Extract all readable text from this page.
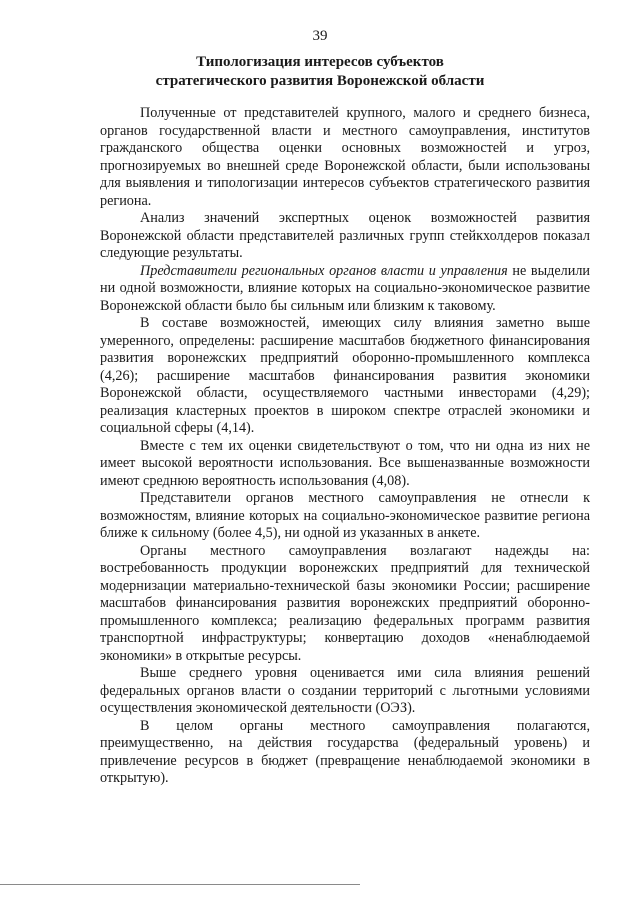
39
Типологизация интересов субъектов
стратегического развития Воронежской области

Полученные от представителей крупного, малого и среднего бизнеса, органов государственной власти и местного самоуправления, институтов гражданского общества оценки основных возможностей и угроз, прогнозируемых во внешней среде Воронежской области, были использованы для выявления и типологизации интересов субъектов стратегического развития региона.

Анализ значений экспертных оценок возможностей развития Воронежской области представителей различных групп стейкхолдеров показал следующие результаты.

Представители региональных органов власти и управления не выделили ни одной возможности, влияние которых на социально-экономическое развитие Воронежской области было бы сильным или близким к таковому.

В составе возможностей, имеющих силу влияния заметно выше умеренного, определены: расширение масштабов бюджетного финансирования развития воронежских предприятий оборонно-промышленного комплекса (4,26); расширение масштабов финансирования развития экономики Воронежской области, осуществляемого частными инвесторами (4,29); реализация кластерных проектов в широком спектре отраслей экономики и социальной сферы (4,14).

Вместе с тем их оценки свидетельствуют о том, что ни одна из них не имеет высокой вероятности использования. Все вышеназванные возможности имеют среднюю вероятность использования (4,08).

Представители органов местного самоуправления не отнесли к возможностям, влияние которых на социально-экономическое развитие региона ближе к сильному (более 4,5), ни одной из указанных в анкете.

Органы местного самоуправления возлагают надежды на: востребованность продукции воронежских предприятий для технической модернизации материально-технической базы экономики России; расширение масштабов финансирования развития воронежских предприятий оборонно-промышленного комплекса; реализацию федеральных программ развития транспортной инфраструктуры; конвертацию доходов «ненаблюдаемой экономики» в открытые ресурсы.

Выше среднего уровня оценивается ими сила влияния решений федеральных органов власти о создании территорий с льготными условиями осуществления экономической деятельности (ОЭЗ).

В целом органы местного самоуправления полагаются, преимущественно, на действия государства (федеральный уровень) и привлечение ресурсов в бюджет (превращение ненаблюдаемой экономики в открытую).
